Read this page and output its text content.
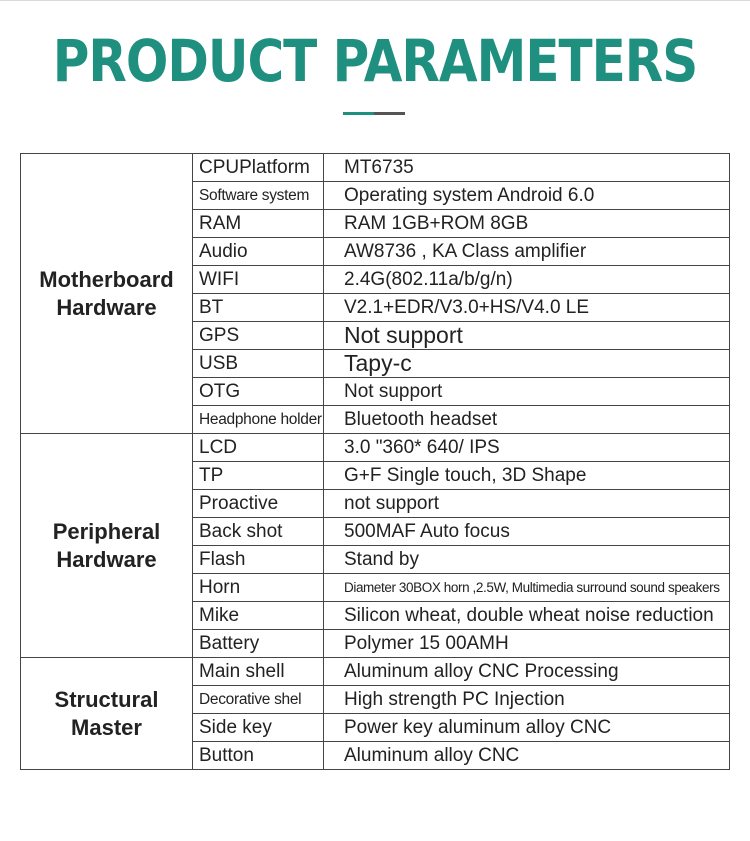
PRODUCT PARAMETERS
Motherboard Hardware	CPUPlatform	MT6735
	Software system	Operating system Android 6.0
	RAM	RAM 1GB+ROM 8GB
	Audio	AW8736 , KA Class amplifier
	WIFI	2.4G(802.11a/b/g/n)
	BT	V2.1+EDR/V3.0+HS/V4.0 LE
	GPS	Not support
	USB	Tapy-c
	OTG	Not support
	Headphone holder	Bluetooth headset
Peripheral Hardware	LCD	3.0 "360* 640/ IPS
	TP	G+F Single touch, 3D Shape
	Proactive	not support
	Back shot	500MAF Auto focus
	Flash	Stand by
	Horn	Diameter 30BOX horn ,2.5W, Multimedia surround sound speakers
	Mike	Silicon wheat, double wheat noise reduction
	Battery	Polymer 15 00AMH
Structural Master	Main shell	Aluminum alloy CNC Processing
	Decorative shel	High strength PC Injection
	Side key	Power key aluminum alloy CNC
	Button	Aluminum alloy CNC
